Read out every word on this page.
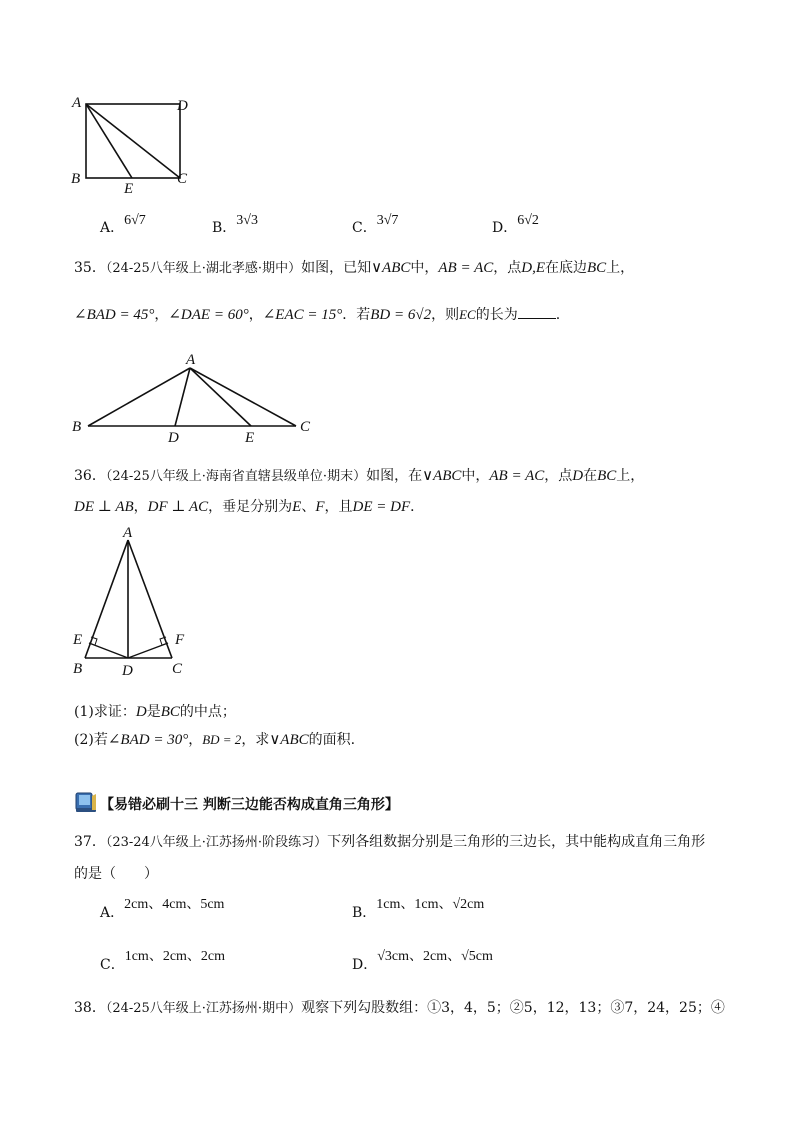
A	D
B
E
C
A．6√7	B．3√3	C．3√7	D．6√2
35．（24-25八年级上·湖北孝感·期中）如图，已知∨ABC中，AB = AC，点D,E在底边BC上，
∠BAD = 45°，∠DAE = 60°，∠EAC = 15°．若BD = 6√2，则EC的长为	.
A
B
D	E
C
36．（24-25八年级上·海南省直辖县级单位·期末）如图，在∨ABC中，AB = AC，点D在BC上，
DE ⊥ AB，DF ⊥ AC，垂足分别为E、F，且DE = DF．
A
E	F
B	D	C
(1)求证：D是BC的中点；
(2)若∠BAD = 30°，BD = 2，求∨ABC的面积.
【易错必刷十三 判断三边能否构成直角三角形】
37．（23-24八年级上·江苏扬州·阶段练习）下列各组数据分别是三角形的三边长，其中能构成直角三角形
的是（　　）
A．2cm、4cm、5cm
B．1cm、1cm、√2cm
C．1cm、2cm、2cm
D．√3cm、2cm、√5cm
38．（24-25八年级上·江苏扬州·期中）观察下列勾股数组：①3，4，5；②5，12，13；③7，24，25；④
